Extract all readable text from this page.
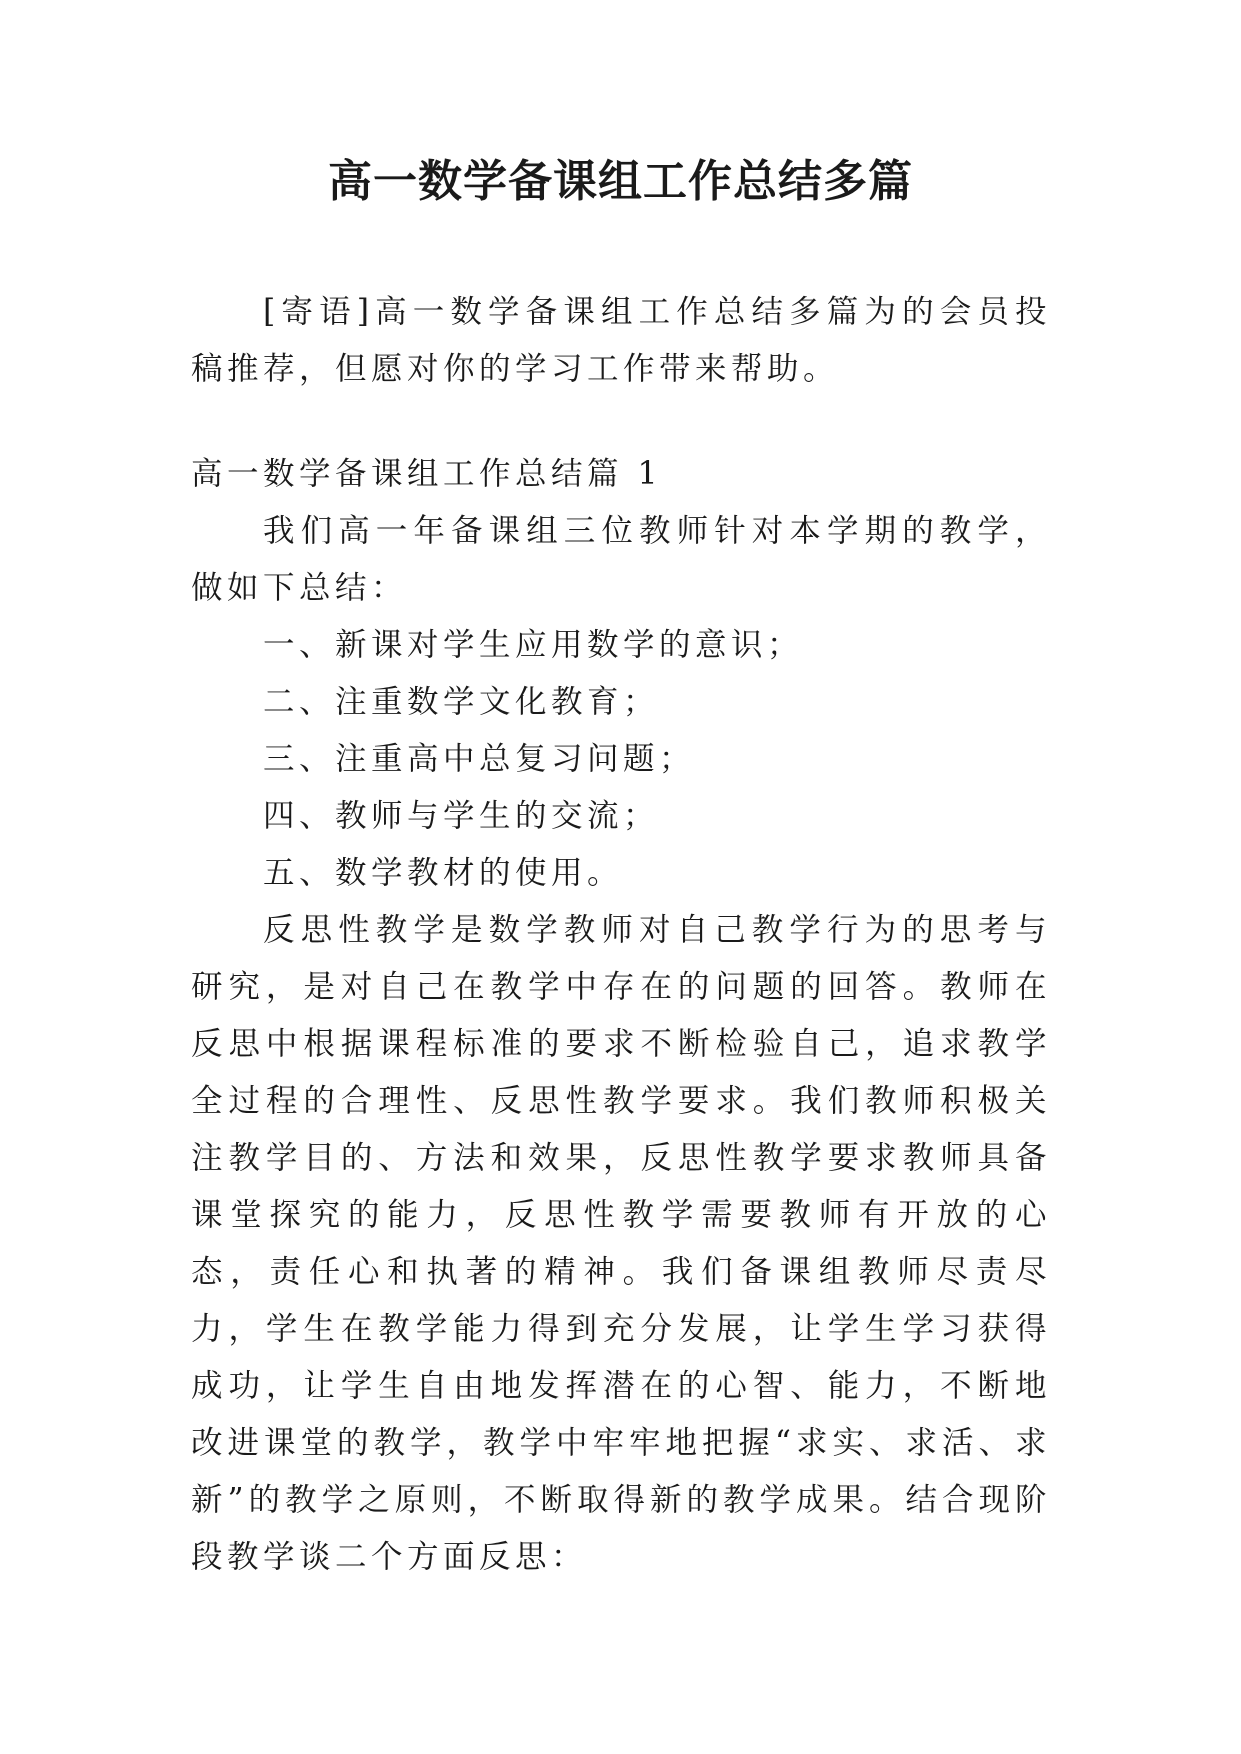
高一数学备课组工作总结多篇

[寄语]高一数学备课组工作总结多篇为的会员投稿推荐，但愿对你的学习工作带来帮助。

高一数学备课组工作总结篇 1

我们高一年备课组三位教师针对本学期的教学，做如下总结：

一、新课对学生应用数学的意识；

二、注重数学文化教育；

三、注重高中总复习问题；

四、教师与学生的交流；

五、数学教材的使用。

反思性教学是数学教师对自己教学行为的思考与研究，是对自己在教学中存在的问题的回答。教师在反思中根据课程标准的要求不断检验自己，追求教学全过程的合理性、反思性教学要求。我们教师积极关注教学目的、方法和效果，反思性教学要求教师具备课堂探究的能力，反思性教学需要教师有开放的心态，责任心和执著的精神。我们备课组教师尽责尽力，学生在教学能力得到充分发展，让学生学习获得成功，让学生自由地发挥潜在的心智、能力，不断地改进课堂的教学，教学中牢牢地把握“求实、求活、求新”的教学之原则，不断取得新的教学成果。结合现阶段教学谈二个方面反思：
